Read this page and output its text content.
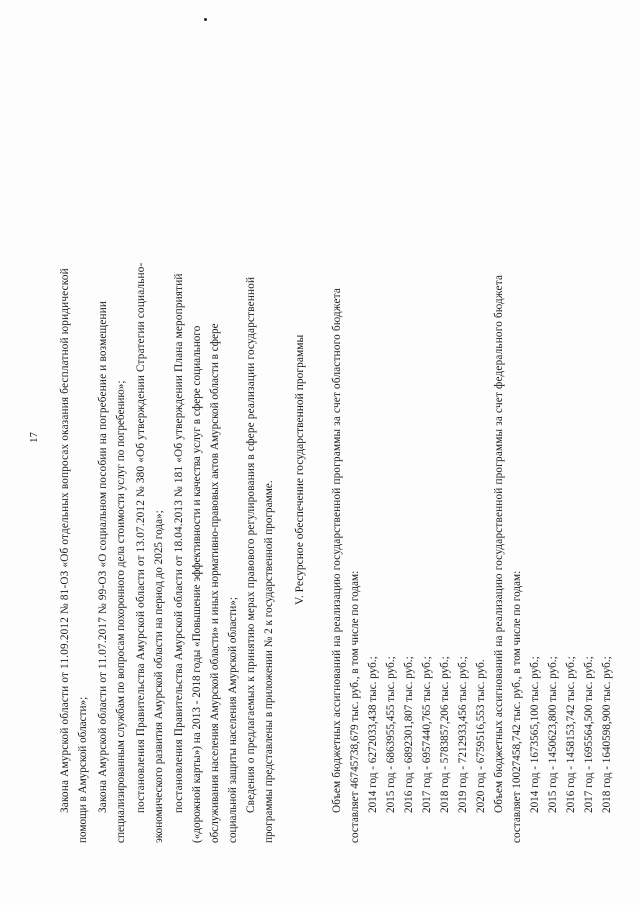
17 Закона Амурской области от 11.09.2012 № 81-ОЗ «Об отдельных вопросах оказания бесплатной юридической помощи в Амурской области»; Закона Амурской области от 11.07.2017 № 99-ОЗ «О социальном пособии на погребение и возмещении специализированным службам по вопросам похоронного дела стоимости услуг по погребению»; постановления Правительства Амурской области от 13.07.2012 № 380 «Об утверждении Стратегии социально- экономического развития Амурской области на период до 2025 года»; постановления Правительства Амурской области от 18.04.2013 № 181 «Об утверждении Плана мероприятий («дорожной карты») на 2013 - 2018 годы «Повышение эффективности и качества услуг в сфере социального обслуживания населения Амурской области» и иных нормативно-правовых актов Амурской области в сфере социальной защиты населения Амурской области»; Сведения о предлагаемых к принятию мерах правового регулирования в сфере реализации государственной программы представлены в приложении № 2 к государственной программе.
V. Ресурсное обеспечение государственной программы Объем бюджетных ассигнований на реализацию государственной программы за счет областного бюджета составляет 46745738,679 тыс. руб., в том числе по годам: 2014 год - 6272033,438 тыс. руб.; 2015 год - 6863955,455 тыс. руб.; 2016 год - 6892301,807 тыс. руб.; 2017 год - 6957440,765 тыс. руб.; 2018 год - 5783857,206 тыс. руб.; 2019 год - 7212933,456 тыс. руб.; 2020 год - 6759516,553 тыс. руб. Объем бюджетных ассигнований на реализацию государственной программы за счет федерального бюджета составляет 10027458,742 тыс. руб., в том числе по годам: 2014 год - 1673565,100 тыс. руб.; 2015 год - 1450623,800 тыс. руб.; 2016 год - 1458153,742 тыс. руб.; 2017 год - 1695564,500 тыс. руб.; 2018 год - 1640598,900 тыс. руб.;
